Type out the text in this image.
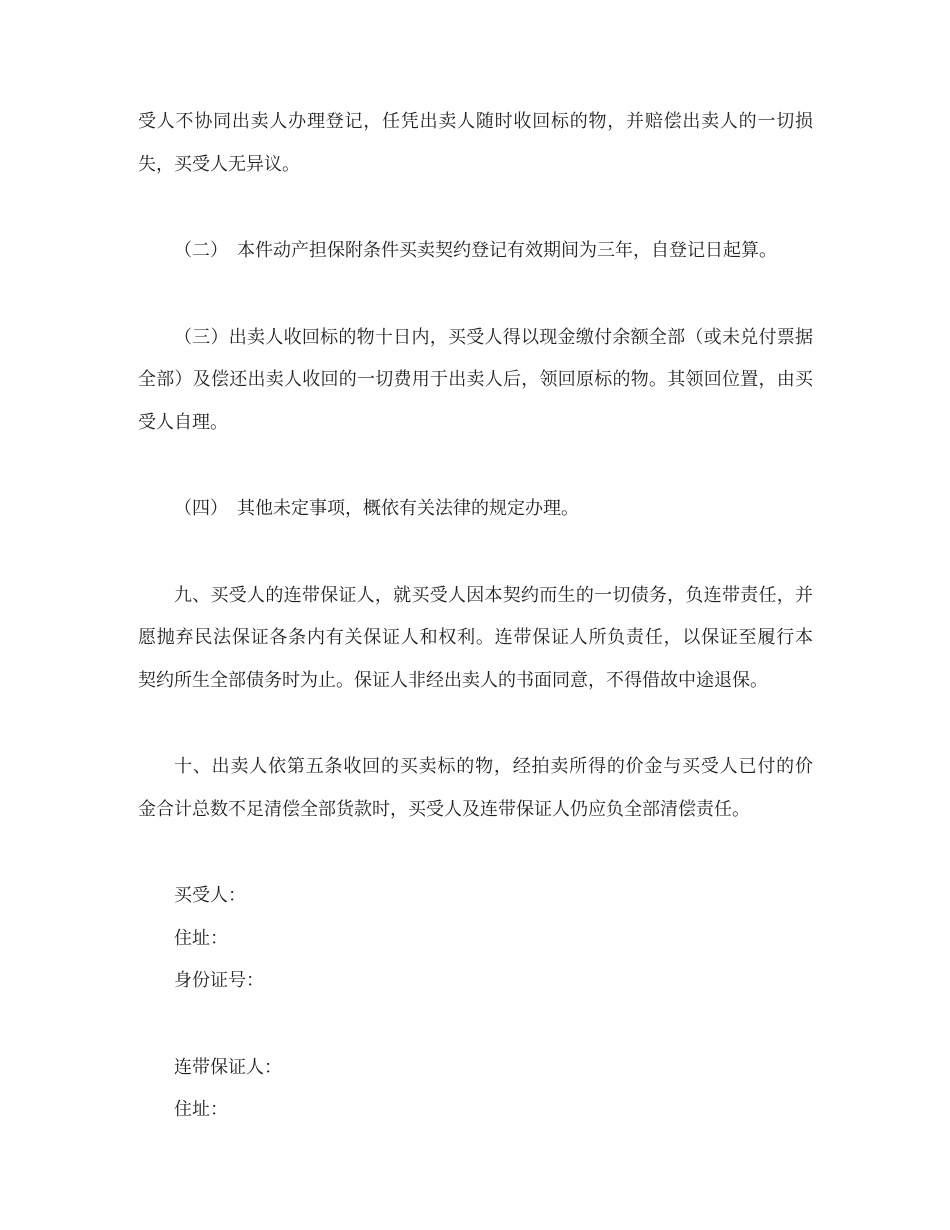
受人不协同出卖人办理登记，任凭出卖人随时收回标的物，并赔偿出卖人的一切损
失，买受人无异议。
（二）　本件动产担保附条件买卖契约登记有效期间为三年，自登记日起算。
（三）出卖人收回标的物十日内，买受人得以现金缴付余额全部（或未兑付票据
全部）及偿还出卖人收回的一切费用于出卖人后，领回原标的物。其领回位置，由买
受人自理。
（四）　其他未定事项，概依有关法律的规定办理。
九、买受人的连带保证人，就买受人因本契约而生的一切债务，负连带责任，并
愿抛弃民法保证各条内有关保证人和权利。连带保证人所负责任，以保证至履行本
契约所生全部债务时为止。保证人非经出卖人的书面同意，不得借故中途退保。
十、出卖人依第五条收回的买卖标的物，经拍卖所得的价金与买受人已付的价
金合计总数不足清偿全部货款时，买受人及连带保证人仍应负全部清偿责任。
买受人：
住址：
身份证号：
连带保证人：
住址：
